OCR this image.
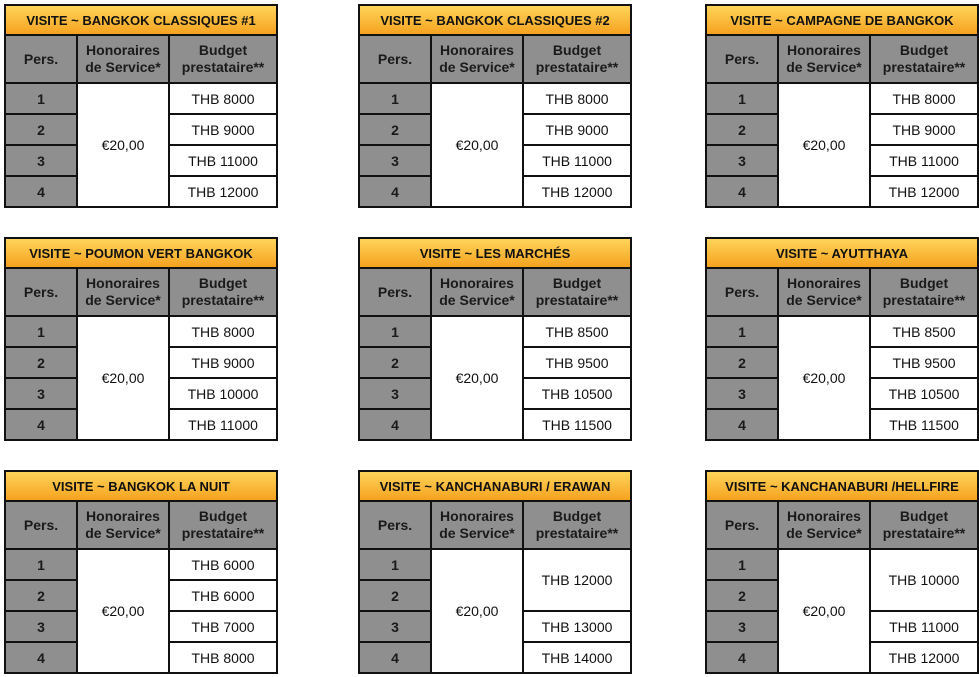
VISITE ~ BANGKOK CLASSIQUES #1		
Pers.	Honoraires de Service*	Budget prestataire**
1	€20,00	THB 8000
2		THB 9000
3		THB 11000
4		THB 12000
VISITE ~ BANGKOK CLASSIQUES #2		
Pers.	Honoraires de Service*	Budget prestataire**
1	€20,00	THB 8000
2		THB 9000
3		THB 11000
4		THB 12000
VISITE ~ CAMPAGNE DE BANGKOK		
Pers.	Honoraires de Service*	Budget prestataire**
1	€20,00	THB 8000
2		THB 9000
3		THB 11000
4		THB 12000
VISITE ~ POUMON VERT BANGKOK		
Pers.	Honoraires de Service*	Budget prestataire**
1	€20,00	THB 8000
2		THB 9000
3		THB 10000
4		THB 11000
VISITE ~ LES MARCHÉS		
Pers.	Honoraires de Service*	Budget prestataire**
1	€20,00	THB 8500
2		THB 9500
3		THB 10500
4		THB 11500
VISITE ~ AYUTTHAYA		
Pers.	Honoraires de Service*	Budget prestataire**
1	€20,00	THB 8500
2		THB 9500
3		THB 10500
4		THB 11500
VISITE ~ BANGKOK LA NUIT		
Pers.	Honoraires de Service*	Budget prestataire**
1	€20,00	THB 6000
2		THB 6000
3		THB 7000
4		THB 8000
VISITE ~ KANCHANABURI / ERAWAN		
Pers.	Honoraires de Service*	Budget prestataire**
1	€20,00	THB 12000
2		
3		THB 13000
4		THB 14000
VISITE ~ KANCHANABURI /HELLFIRE		
Pers.	Honoraires de Service*	Budget prestataire**
1	€20,00	THB 10000
2		
3		THB 11000
4		THB 12000
